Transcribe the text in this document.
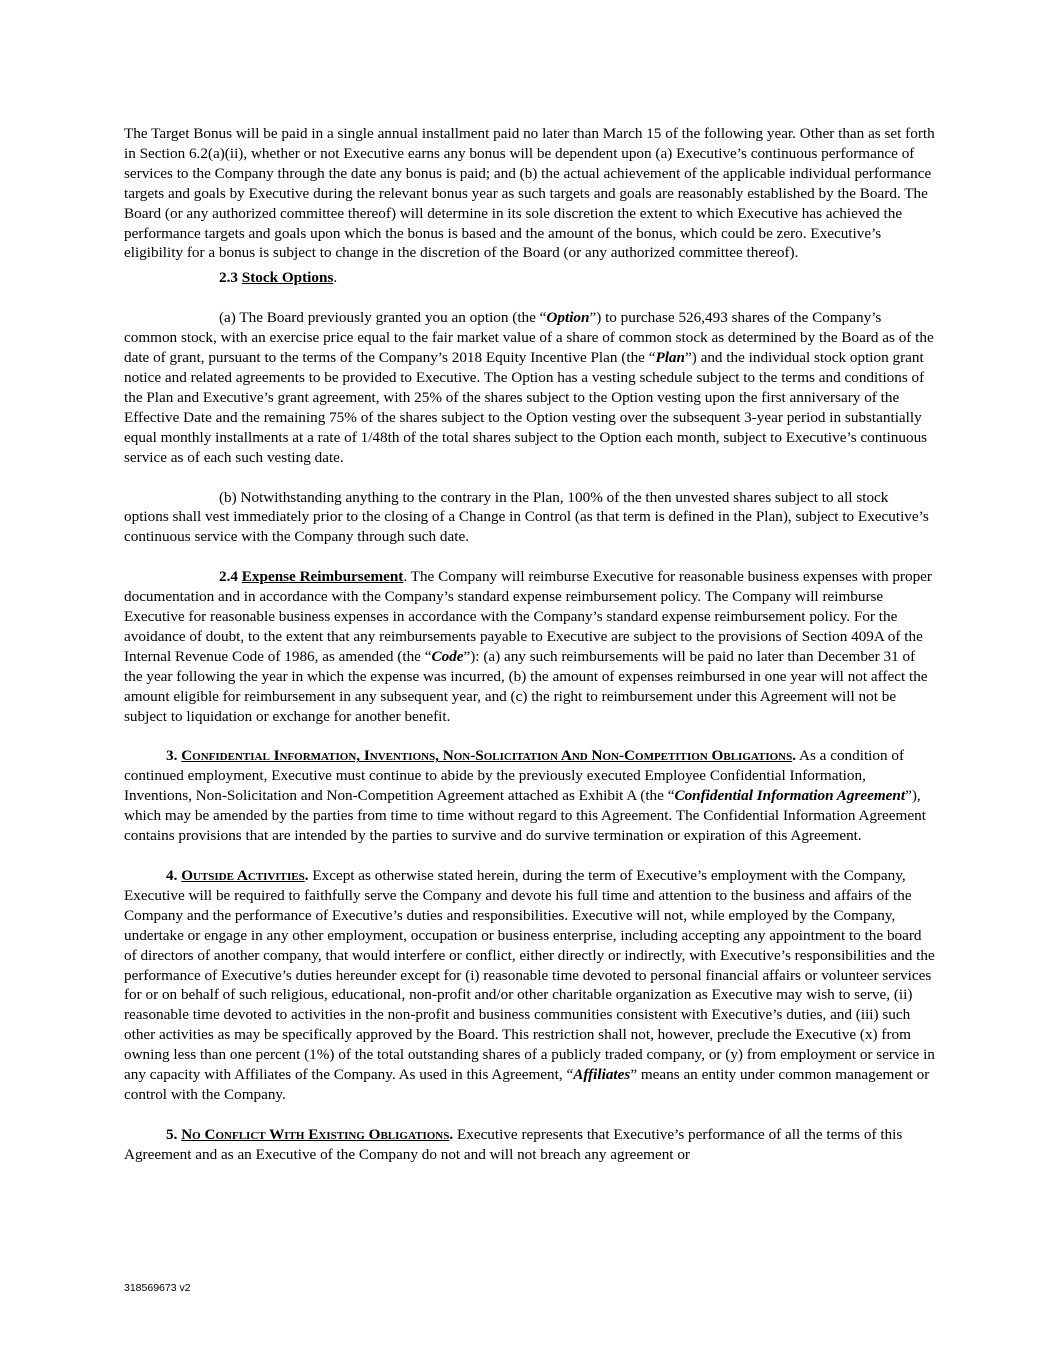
The Target Bonus will be paid in a single annual installment paid no later than March 15 of the following year. Other than as set forth in Section 6.2(a)(ii), whether or not Executive earns any bonus will be dependent upon (a) Executive’s continuous performance of services to the Company through the date any bonus is paid; and (b) the actual achievement of the applicable individual performance targets and goals by Executive during the relevant bonus year as such targets and goals are reasonably established by the Board. The Board (or any authorized committee thereof) will determine in its sole discretion the extent to which Executive has achieved the performance targets and goals upon which the bonus is based and the amount of the bonus, which could be zero. Executive’s eligibility for a bonus is subject to change in the discretion of the Board (or any authorized committee thereof).

2.3 Stock Options.

(a) The Board previously granted you an option (the “Option”) to purchase 526,493 shares of the Company’s common stock, with an exercise price equal to the fair market value of a share of common stock as determined by the Board as of the date of grant, pursuant to the terms of the Company’s 2018 Equity Incentive Plan (the “Plan”) and the individual stock option grant notice and related agreements to be provided to Executive. The Option has a vesting schedule subject to the terms and conditions of the Plan and Executive’s grant agreement, with 25% of the shares subject to the Option vesting upon the first anniversary of the Effective Date and the remaining 75% of the shares subject to the Option vesting over the subsequent 3-year period in substantially equal monthly installments at a rate of 1/48th of the total shares subject to the Option each month, subject to Executive’s continuous service as of each such vesting date.

(b) Notwithstanding anything to the contrary in the Plan, 100% of the then unvested shares subject to all stock options shall vest immediately prior to the closing of a Change in Control (as that term is defined in the Plan), subject to Executive’s continuous service with the Company through such date.

2.4 Expense Reimbursement. The Company will reimburse Executive for reasonable business expenses with proper documentation and in accordance with the Company’s standard expense reimbursement policy. The Company will reimburse Executive for reasonable business expenses in accordance with the Company’s standard expense reimbursement policy. For the avoidance of doubt, to the extent that any reimbursements payable to Executive are subject to the provisions of Section 409A of the Internal Revenue Code of 1986, as amended (the “Code”): (a) any such reimbursements will be paid no later than December 31 of the year following the year in which the expense was incurred, (b) the amount of expenses reimbursed in one year will not affect the amount eligible for reimbursement in any subsequent year, and (c) the right to reimbursement under this Agreement will not be subject to liquidation or exchange for another benefit.

3. Confidential Information, Inventions, Non-Solicitation And Non-Competition Obligations. As a condition of continued employment, Executive must continue to abide by the previously executed Employee Confidential Information, Inventions, Non-Solicitation and Non-Competition Agreement attached as Exhibit A (the “Confidential Information Agreement”), which may be amended by the parties from time to time without regard to this Agreement. The Confidential Information Agreement contains provisions that are intended by the parties to survive and do survive termination or expiration of this Agreement.

4. Outside Activities. Except as otherwise stated herein, during the term of Executive’s employment with the Company, Executive will be required to faithfully serve the Company and devote his full time and attention to the business and affairs of the Company and the performance of Executive’s duties and responsibilities. Executive will not, while employed by the Company, undertake or engage in any other employment, occupation or business enterprise, including accepting any appointment to the board of directors of another company, that would interfere or conflict, either directly or indirectly, with Executive’s responsibilities and the performance of Executive’s duties hereunder except for (i) reasonable time devoted to personal financial affairs or volunteer services for or on behalf of such religious, educational, non-profit and/or other charitable organization as Executive may wish to serve, (ii) reasonable time devoted to activities in the non-profit and business communities consistent with Executive’s duties, and (iii) such other activities as may be specifically approved by the Board. This restriction shall not, however, preclude the Executive (x) from owning less than one percent (1%) of the total outstanding shares of a publicly traded company, or (y) from employment or service in any capacity with Affiliates of the Company. As used in this Agreement, “Affiliates” means an entity under common management or control with the Company.

5. No Conflict With Existing Obligations. Executive represents that Executive’s performance of all the terms of this Agreement and as an Executive of the Company do not and will not breach any agreement or

318569673 v2
